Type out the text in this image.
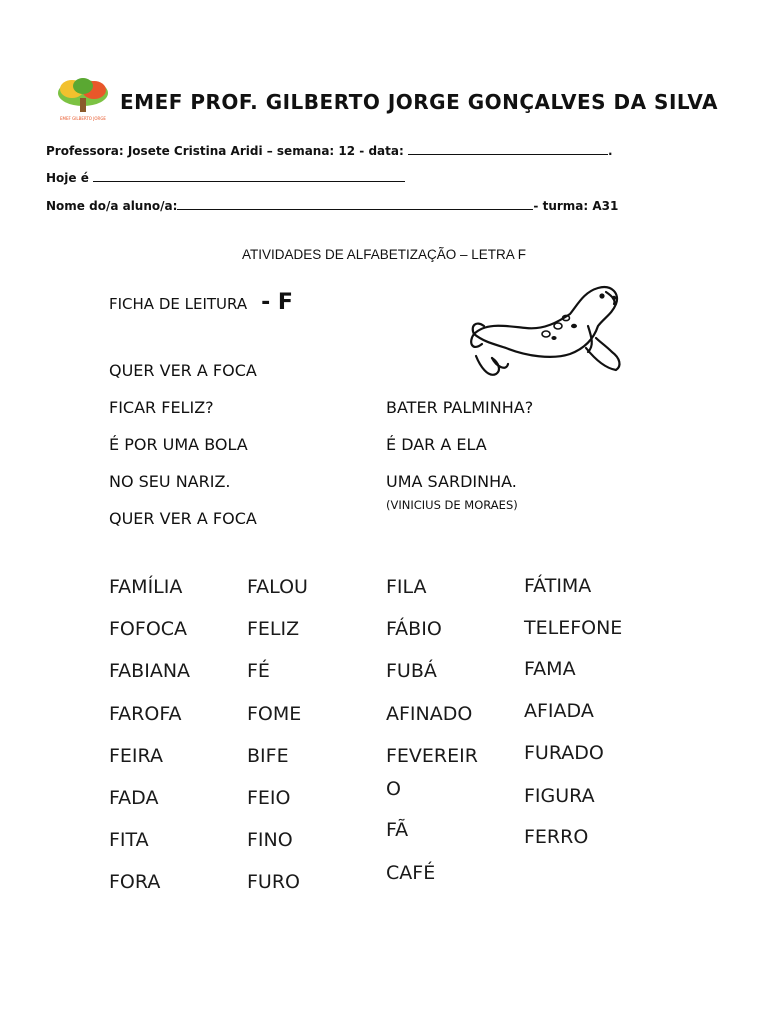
EMEF GILBERTO JORGE
EMEF PROF. GILBERTO JORGE GONÇALVES DA SILVA
Professora: Josete Cristina Aridi – semana: 12 - data:	.
Hoje é
Nome do/a aluno/a:	- turma: A31
ATIVIDADES DE ALFABETIZAÇÃO – LETRA F
FICHA DE LEITURA - F
QUER VER A FOCA
FICAR FELIZ?
É POR UMA BOLA
NO SEU NARIZ.
QUER VER A FOCA
BATER PALMINHA?
É DAR A ELA
UMA SARDINHA.
(VINICIUS DE MORAES)
FAMÍLIA
FOFOCA
FABIANA
FAROFA
FEIRA
FADA
FITA
FORA
FALOU
FELIZ
FÉ
FOME
BIFE
FEIO
FINO
FURO
FILA
FÁBIO
FUBÁ
AFINADO
FEVEREIR
O
FÃ
CAFÉ
FÁTIMA
TELEFONE
FAMA
AFIADA
FURADO
FIGURA
FERRO
